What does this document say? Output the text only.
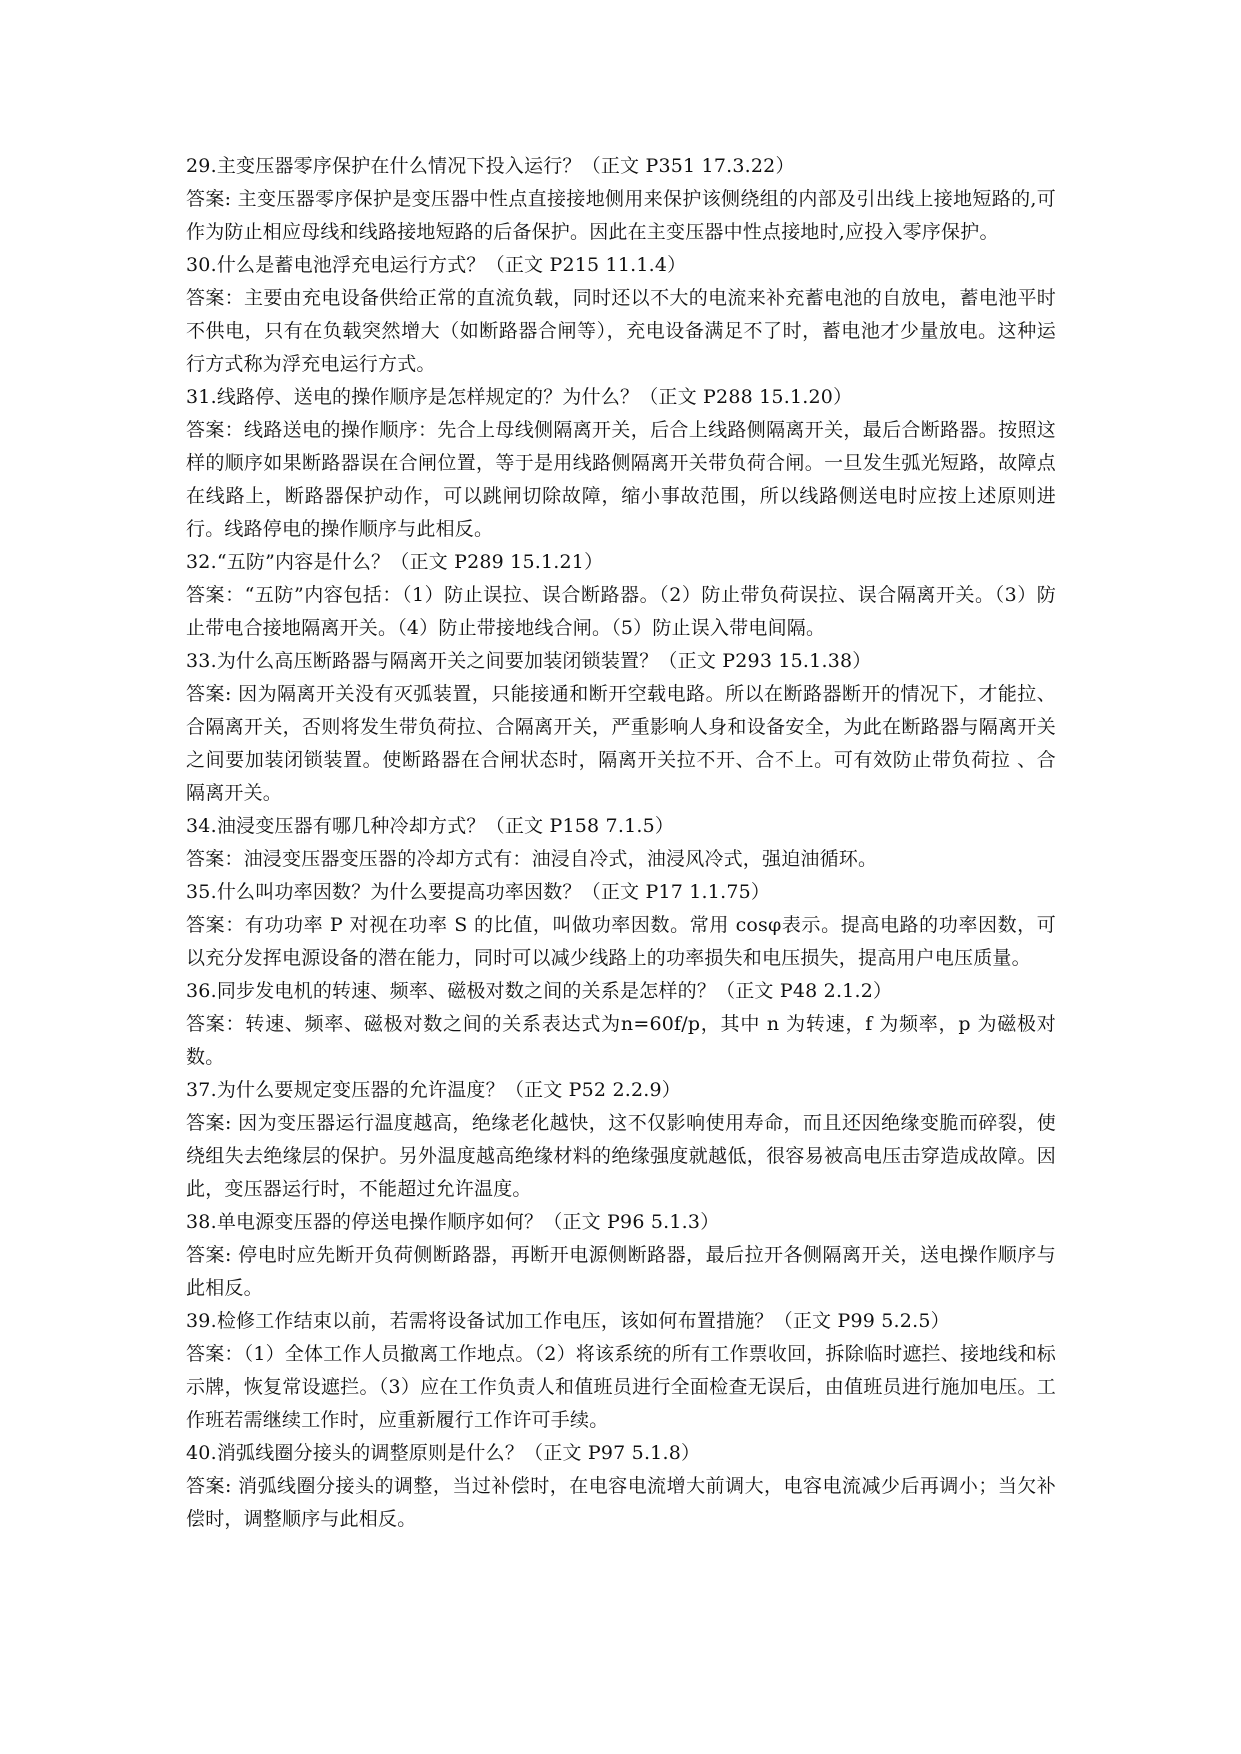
29.主变压器零序保护在什么情况下投入运行？（正文 P351 17.3.22）

答案: 主变压器零序保护是变压器中性点直接接地侧用来保护该侧绕组的内部及引出线上接地短路的,可作为防止相应母线和线路接地短路的后备保护。因此在主变压器中性点接地时,应投入零序保护。

30.什么是蓄电池浮充电运行方式？（正文 P215 11.1.4）

答案：主要由充电设备供给正常的直流负载，同时还以不大的电流来补充蓄电池的自放电，蓄电池平时不供电，只有在负载突然增大（如断路器合闸等），充电设备满足不了时，蓄电池才少量放电。这种运行方式称为浮充电运行方式。

31.线路停、送电的操作顺序是怎样规定的？为什么？（正文 P288 15.1.20）

答案：线路送电的操作顺序：先合上母线侧隔离开关，后合上线路侧隔离开关，最后合断路器。按照这样的顺序如果断路器误在合闸位置，等于是用线路侧隔离开关带负荷合闸。一旦发生弧光短路，故障点在线路上，断路器保护动作，可以跳闸切除故障，缩小事故范围，所以线路侧送电时应按上述原则进行。线路停电的操作顺序与此相反。

32.“五防”内容是什么？（正文 P289 15.1.21）

答案：“五防”内容包括：（1）防止误拉、误合断路器。（2）防止带负荷误拉、误合隔离开关。（3）防止带电合接地隔离开关。（4）防止带接地线合闸。（5）防止误入带电间隔。

33.为什么高压断路器与隔离开关之间要加装闭锁装置？（正文 P293 15.1.38）

答案: 因为隔离开关没有灭弧装置，只能接通和断开空载电路。所以在断路器断开的情况下，才能拉、合隔离开关，否则将发生带负荷拉、合隔离开关，严重影响人身和设备安全，为此在断路器与隔离开关之间要加装闭锁装置。使断路器在合闸状态时，隔离开关拉不开、合不上。可有效防止带负荷拉 、合隔离开关。

34.油浸变压器有哪几种冷却方式？（正文 P158 7.1.5）

答案：油浸变压器变压器的冷却方式有：油浸自冷式，油浸风冷式，强迫油循环。

35.什么叫功率因数？为什么要提高功率因数？（正文 P17 1.1.75）

答案：有功功率 P 对视在功率 S 的比值，叫做功率因数。常用 cosφ表示。提高电路的功率因数，可以充分发挥电源设备的潜在能力，同时可以减少线路上的功率损失和电压损失，提高用户电压质量。

36.同步发电机的转速、频率、磁极对数之间的关系是怎样的？（正文 P48 2.1.2）

答案：转速、频率、磁极对数之间的关系表达式为n=60f/p，其中 n 为转速，f 为频率，p 为磁极对数。

37.为什么要规定变压器的允许温度？（正文 P52 2.2.9）

答案: 因为变压器运行温度越高，绝缘老化越快，这不仅影响使用寿命，而且还因绝缘变脆而碎裂，使绕组失去绝缘层的保护。另外温度越高绝缘材料的绝缘强度就越低，很容易被高电压击穿造成故障。因此，变压器运行时，不能超过允许温度。

38.单电源变压器的停送电操作顺序如何？（正文 P96 5.1.3）

答案: 停电时应先断开负荷侧断路器，再断开电源侧断路器，最后拉开各侧隔离开关，送电操作顺序与此相反。

39.检修工作结束以前，若需将设备试加工作电压，该如何布置措施？（正文 P99 5.2.5）

答案：（1）全体工作人员撤离工作地点。（2）将该系统的所有工作票收回，拆除临时遮拦、接地线和标示牌，恢复常设遮拦。（3）应在工作负责人和值班员进行全面检查无误后，由值班员进行施加电压。工作班若需继续工作时，应重新履行工作许可手续。

40.消弧线圈分接头的调整原则是什么？（正文 P97 5.1.8）

答案: 消弧线圈分接头的调整，当过补偿时，在电容电流增大前调大，电容电流减少后再调小；当欠补偿时，调整顺序与此相反。
